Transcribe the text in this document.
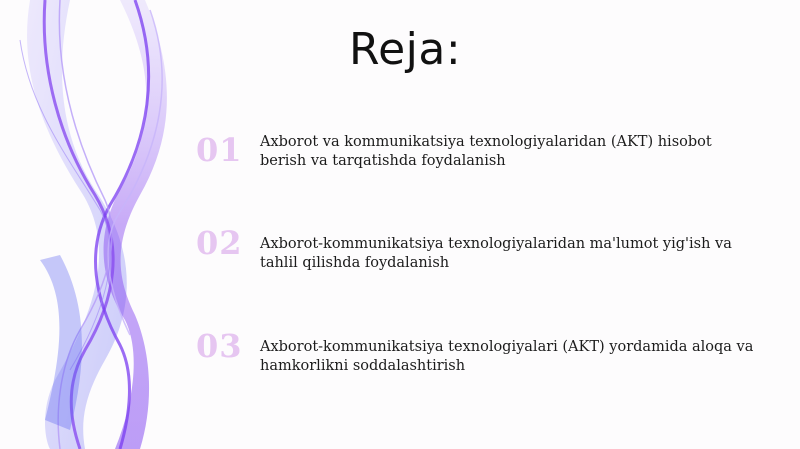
Reja:
01 Axborot va kommunikatsiya texnologiyalaridan (AKT) hisobot berish va tarqatishda foydalanish
02 Axborot-kommunikatsiya texnologiyalaridan ma'lumot yig'ish va tahlil qilishda foydalanish
03 Axborot-kommunikatsiya texnologiyalari (AKT) yordamida aloqa va hamkorlikni soddalashtirish
